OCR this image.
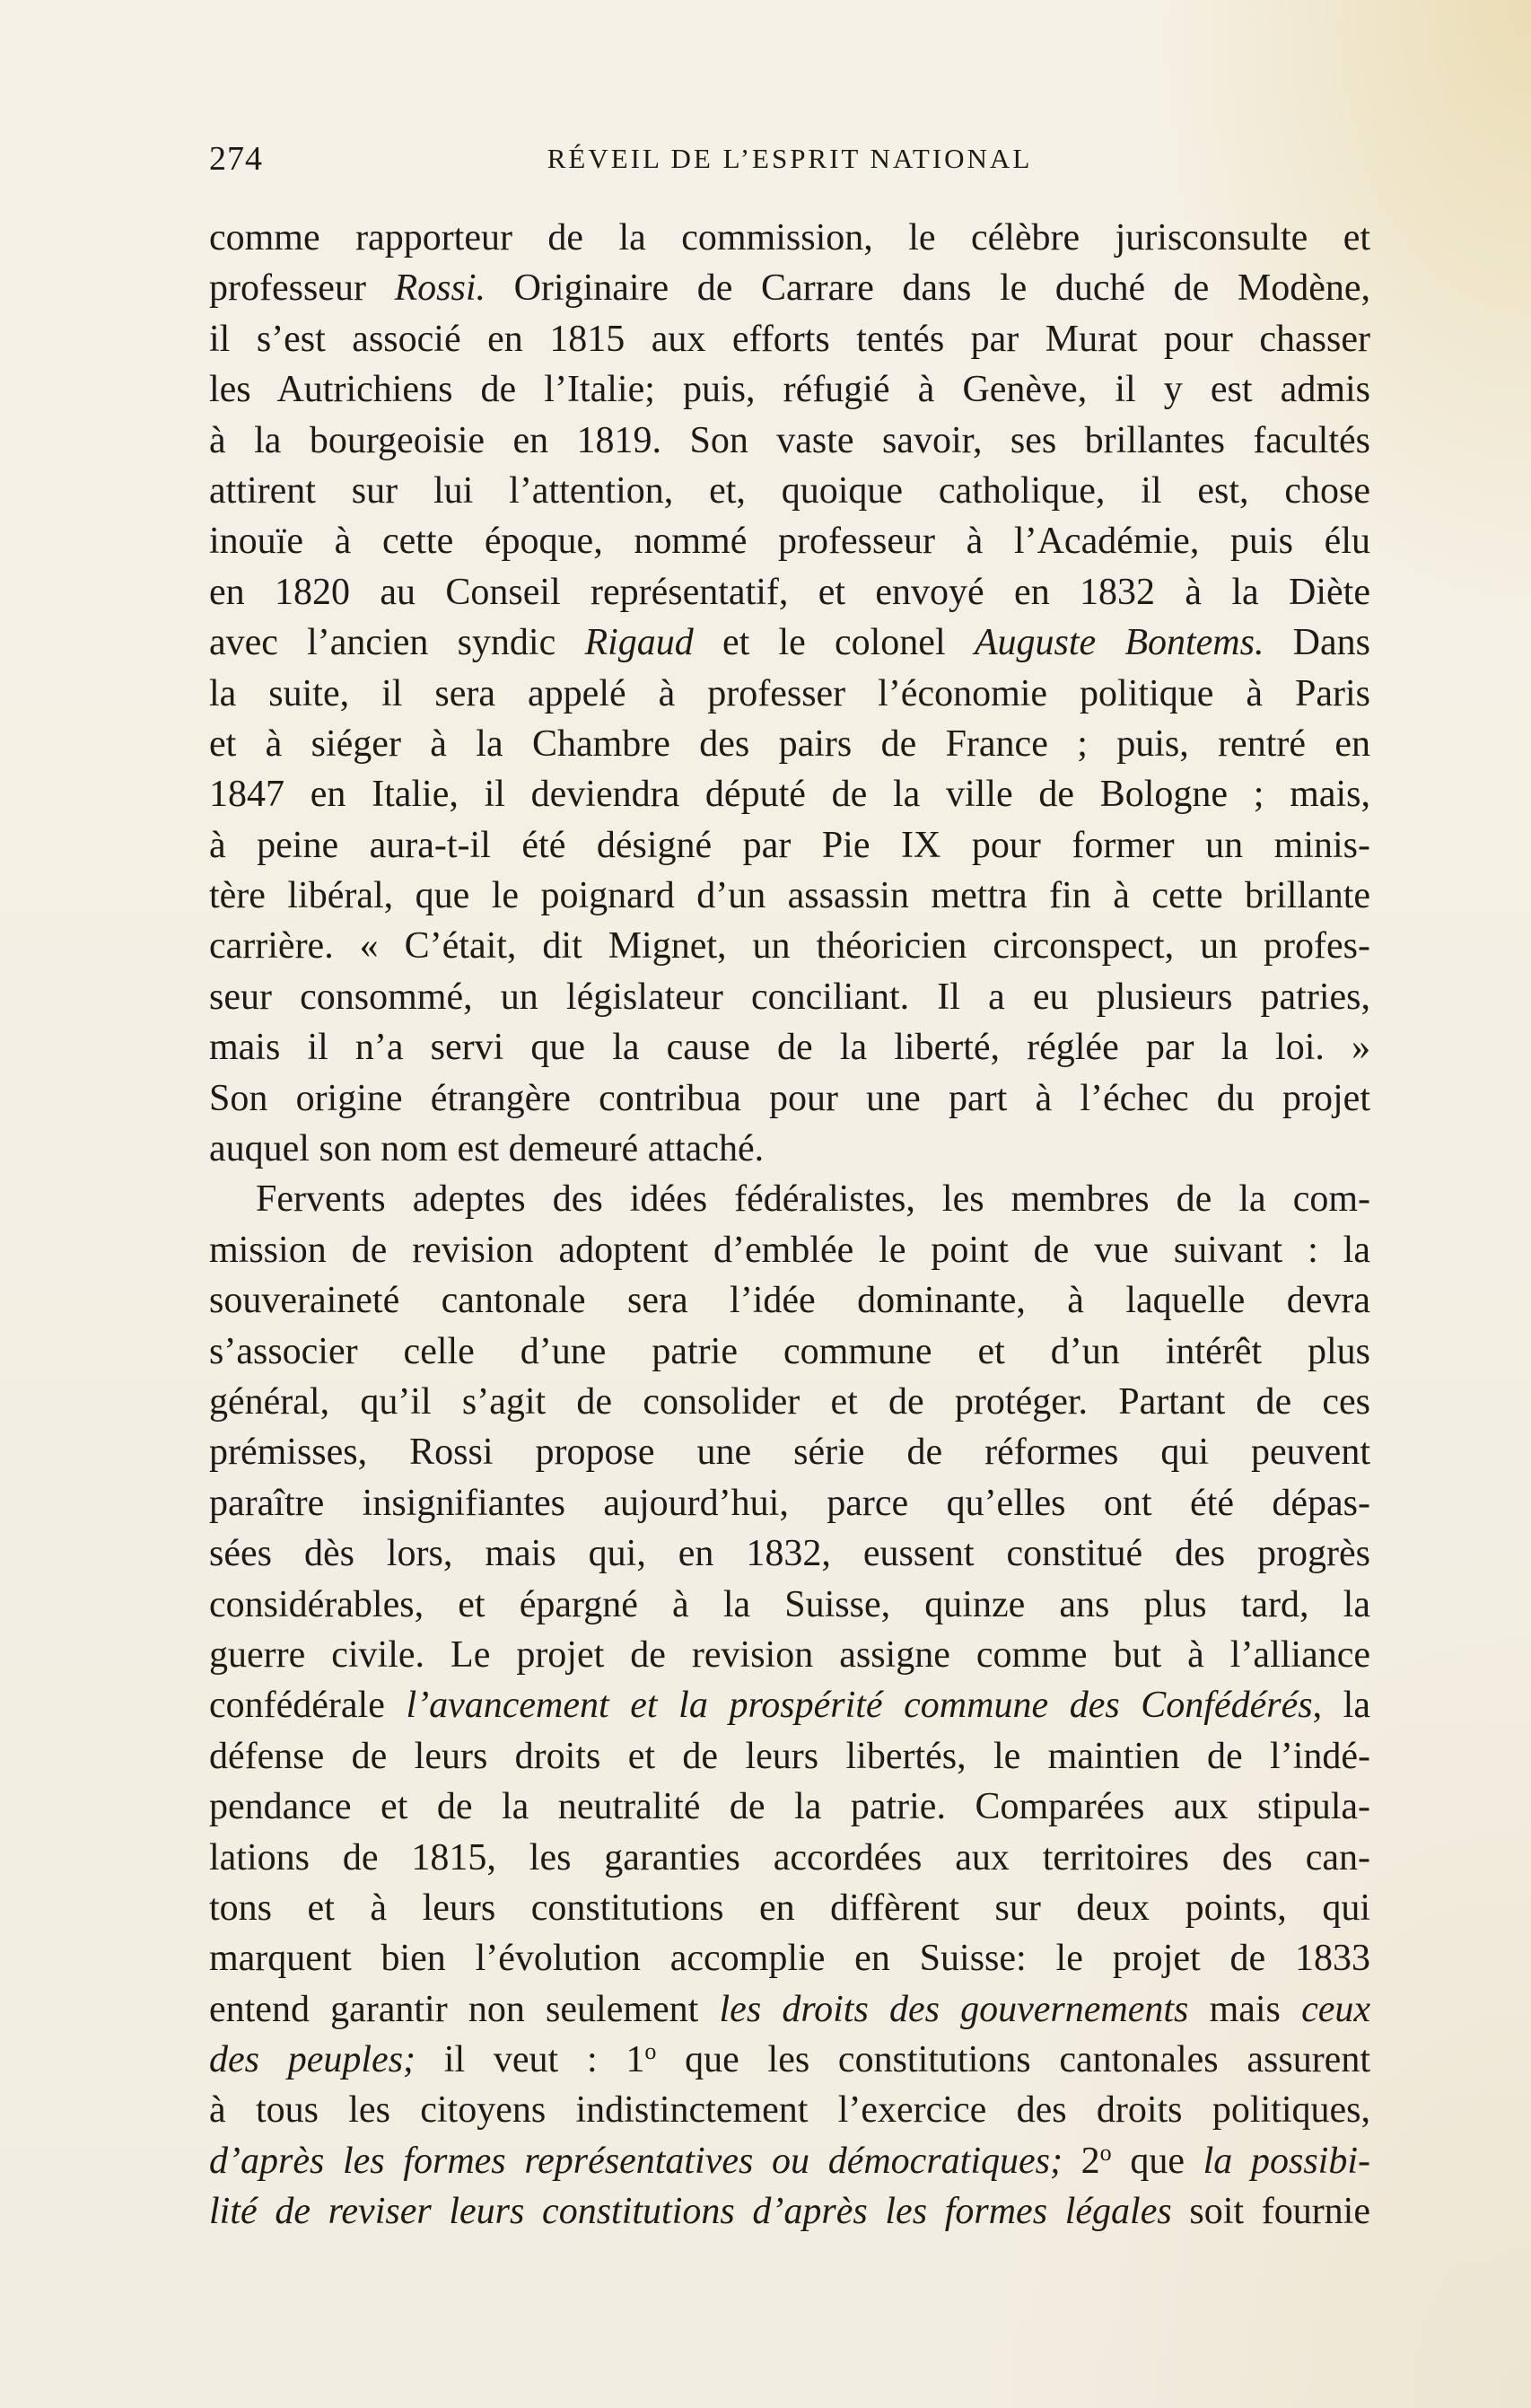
274	RÉVEIL DE L’ESPRIT NATIONAL
comme rapporteur de la commission, le célèbre jurisconsulte et
professeur Rossi. Originaire de Carrare dans le duché de Modène,
il s’est associé en 1815 aux efforts tentés par Murat pour chasser
les Autrichiens de l’Italie; puis, réfugié à Genève, il y est admis
à la bourgeoisie en 1819. Son vaste savoir, ses brillantes facultés
attirent sur lui l’attention, et, quoique catholique, il est, chose
inouïe à cette époque, nommé professeur à l’Académie, puis élu
en 1820 au Conseil représentatif, et envoyé en 1832 à la Diète
avec l’ancien syndic Rigaud et le colonel Auguste Bontems. Dans
la suite, il sera appelé à professer l’économie politique à Paris
et à siéger à la Chambre des pairs de France ; puis, rentré en
1847 en Italie, il deviendra député de la ville de Bologne ; mais,
à peine aura-t-il été désigné par Pie IX pour former un minis-
tère libéral, que le poignard d’un assassin mettra fin à cette brillante
carrière. « C’était, dit Mignet, un théoricien circonspect, un profes-
seur consommé, un législateur conciliant. Il a eu plusieurs patries,
mais il n’a servi que la cause de la liberté, réglée par la loi. »
Son origine étrangère contribua pour une part à l’échec du projet
auquel son nom est demeuré attaché.
Fervents adeptes des idées fédéralistes, les membres de la com-
mission de revision adoptent d’emblée le point de vue suivant : la
souveraineté cantonale sera l’idée dominante, à laquelle devra
s’associer celle d’une patrie commune et d’un intérêt plus
général, qu’il s’agit de consolider et de protéger. Partant de ces
prémisses, Rossi propose une série de réformes qui peuvent
paraître insignifiantes aujourd’hui, parce qu’elles ont été dépas-
sées dès lors, mais qui, en 1832, eussent constitué des progrès
considérables, et épargné à la Suisse, quinze ans plus tard, la
guerre civile. Le projet de revision assigne comme but à l’alliance
confédérale l’avancement et la prospérité commune des Confédérés, la
défense de leurs droits et de leurs libertés, le maintien de l’indé-
pendance et de la neutralité de la patrie. Comparées aux stipula-
lations de 1815, les garanties accordées aux territoires des can-
tons et à leurs constitutions en diffèrent sur deux points, qui
marquent bien l’évolution accomplie en Suisse: le projet de 1833
entend garantir non seulement les droits des gouvernements mais ceux
des peuples; il veut : 1$^o$ que les constitutions cantonales assurent
à tous les citoyens indistinctement l’exercice des droits politiques,
d’après les formes représentatives ou démocratiques; 2$^o$ que la possibi-
lité de reviser leurs constitutions d’après les formes légales soit fournie
